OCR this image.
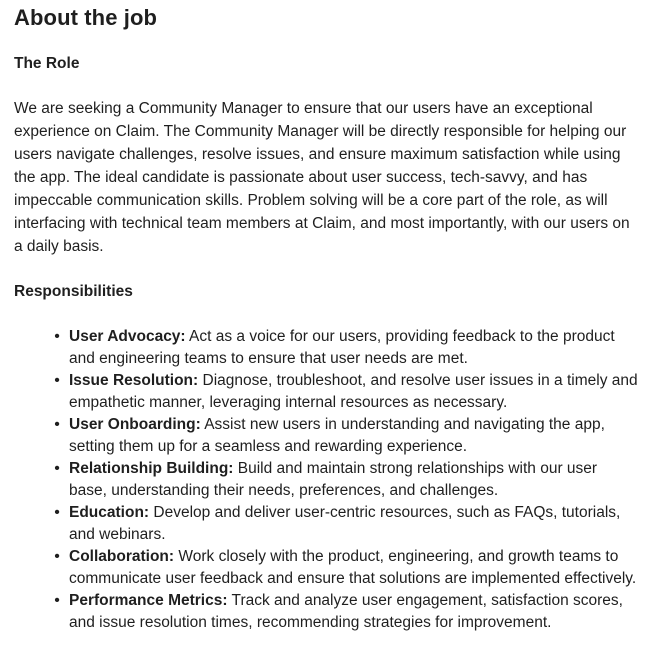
About the job
The Role

We are seeking a Community Manager to ensure that our users have an exceptional experience on Claim. The Community Manager will be directly responsible for helping our users navigate challenges, resolve issues, and ensure maximum satisfaction while using the app. The ideal candidate is passionate about user success, tech-savvy, and has impeccable communication skills. Problem solving will be a core part of the role, as will interfacing with technical team members at Claim, and most importantly, with our users on a daily basis.

Responsibilities
•
User Advocacy: Act as a voice for our users, providing feedback to the product and engineering teams to ensure that user needs are met.
•
Issue Resolution: Diagnose, troubleshoot, and resolve user issues in a timely and empathetic manner, leveraging internal resources as necessary.
•
User Onboarding: Assist new users in understanding and navigating the app, setting them up for a seamless and rewarding experience.
•
Relationship Building: Build and maintain strong relationships with our user base, understanding their needs, preferences, and challenges.
•
Education: Develop and deliver user-centric resources, such as FAQs, tutorials, and webinars.
•
Collaboration: Work closely with the product, engineering, and growth teams to communicate user feedback and ensure that solutions are implemented effectively.
•
Performance Metrics: Track and analyze user engagement, satisfaction scores, and issue resolution times, recommending strategies for improvement.
